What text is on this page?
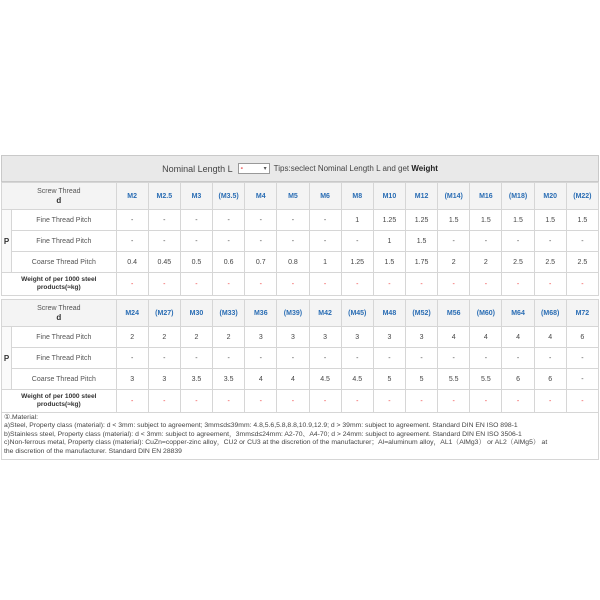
Nominal Length L -	▾ Tips:seclect Nominal Length L and get
Weight
Screw Thread
d		M2	M2.5	M3	(M3.5)	M4	M5	M6	M8	M10	M12	(M14)	M16	(M18)	M20	(M22)
P	Fine Thread Pitch	-	-	-	-	-	-	-	1	1.25	1.25	1.5	1.5	1.5	1.5	1.5
	Fine Thread Pitch	-	-	-	-	-	-	-	-	1	1.5	-	-	-	-	-
	Coarse Thread Pitch	0.4	0.45	0.5	0.6	0.7	0.8	1	1.25	1.5	1.75	2	2	2.5	2.5	2.5

Weight of per 1000 steel products(≈kg)		-	-	-	-	-	-	-	-	-	-	-	-	-	-	-
Screw Thread
d		M24	(M27)	M30	(M33)	M36	(M39)	M42	(M45)	M48	(M52)	M56	(M60)	M64	(M68)	M72
P	Fine Thread Pitch	2	2	2	2	3	3	3	3	3	3	4	4	4	4	6
	Fine Thread Pitch	-	-	-	-	-	-	-	-	-	-	-	-	-	-	-
	Coarse Thread Pitch	3	3	3.5	3.5	4	4	4.5	4.5	5	5	5.5	5.5	6	6	-

Weight of per 1000 steel products(≈kg)		-	-	-	-	-	-	-	-	-	-	-	-	-	-	-
①.Material:
a)Steel, Property class (material): d < 3mm: subject to agreement; 3mm≤d≤39mm: 4.8,5.6,5.8,8.8,10.9,12.9; d > 39mm: subject to agreement. Standard DIN EN ISO 898-1
b)Stainless steel, Property class (material): d < 3mm: subject to agreement，3mm≤d≤24mm: A2-70、A4-70; d > 24mm: subject to agreement. Standard DIN EN ISO 3506-1
c)Non-ferrous metal, Property class (material): CuZn=copper-zinc alloy，CU2 or CU3 at the discretion of the manufacturer；Al=aluminum alloy，AL1（AlMg3） or AL2（AlMg5） at
the discretion of the manufacturer. Standard DIN EN 28839
